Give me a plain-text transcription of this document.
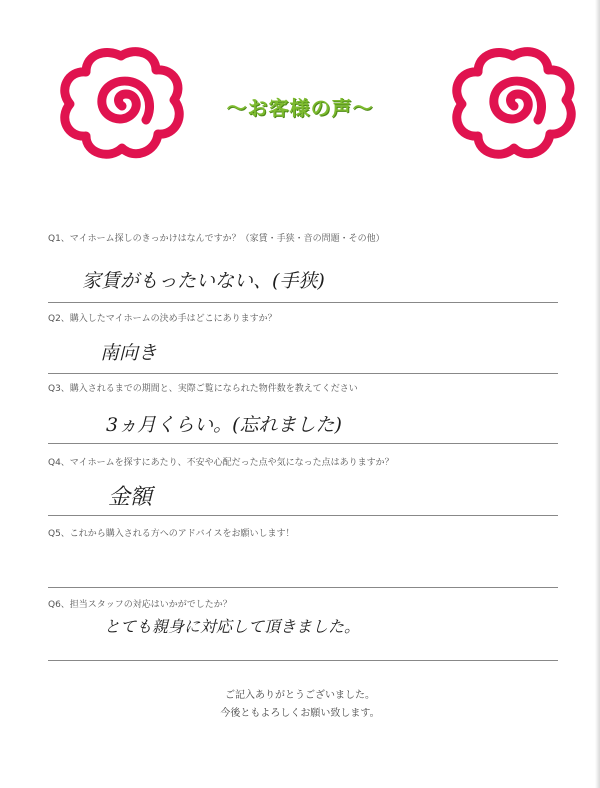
～お客様の声～
Q1、マイホーム探しのきっかけはなんですか？（家賃・手狭・音の問題・その他）
家賃がもったいない、(手狭)
Q2、購入したマイホームの決め手はどこにありますか？
南向き
Q3、購入されるまでの期間と、実際ご覧になられた物件数を教えてください
3ヵ月くらい。(忘れました)
Q4、マイホームを探すにあたり、不安や心配だった点や気になった点はありますか？
金額
Q5、これから購入される方へのアドバイスをお願いします！
Q6、担当スタッフの対応はいかがでしたか？
とても親身に対応して頂きました。
ご記入ありがとうございました。
今後ともよろしくお願い致します。
